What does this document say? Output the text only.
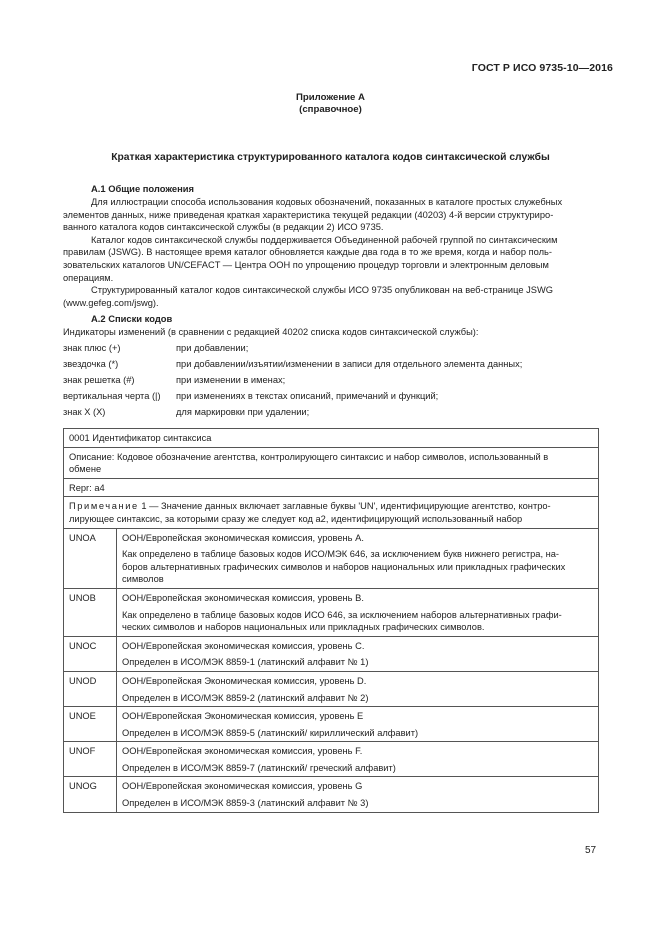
ГОСТ Р ИСО 9735-10—2016
Приложение А
(справочное)
Краткая характеристика структурированного каталога кодов синтаксической службы
А.1 Общие положения

Для иллюстрации способа использования кодовых обозначений, показанных в каталоге простых служебных
элементов данных, ниже приведеная краткая характеристика текущей редакции (40203) 4-й версии структуриро-
ванного каталога кодов синтаксической службы (в редакции 2) ИСО 9735.

Каталог кодов синтаксической службы поддерживается Объединенной рабочей группой по синтаксическим
правилам (JSWG). В настоящее время каталог обновляется каждые два года в то же время, когда и набор поль-
зовательских каталогов UN/CEFACT — Центра ООН по упрощению процедур торговли и электронным деловым
операциям.

Структурированный каталог кодов синтаксической службы ИСО 9735 опубликован на веб-странице JSWG
(www.gefeg.com/jswg).

А.2 Списки кодов
Индикаторы изменений (в сравнении с редакцией 40202 списка кодов синтаксической службы):
знак плюс (+)	при добавлении;
звездочка (*)	при добавлении/изъятии/изменении в записи для отдельного элемента данных;
знак решетка (#)	при изменении в именах;
вертикальная черта (|) при изменениях в текстах описаний, примечаний и функций;
знак Х (X)	для маркировки при удалении;
0001 Идентификатор синтаксиса	

Описание: Кодовое обозначение агентства, контролирующего синтаксис и набор символов, использованный в
обмене	

Repr: a4	

Примечание 1 — Значение данных включает заглавные буквы 'UN', идентифицирующие агентство, контро-
лирующее синтаксис, за которыми сразу же следует код а2, идентифицирующий использованный набор	

UNOA	ООН/Европейская экономическая комиссия, уровень А.
Как определено в таблице базовых кодов ИСО/МЭК 646, за исключением букв нижнего регистра, на-
боров альтернативных графических символов и наборов национальных или прикладных графических
символов

UNOB	ООН/Европейская экономическая комиссия, уровень В.
Как определено в таблице базовых кодов ИСО 646, за исключением наборов альтернативных графи-
ческих символов и наборов национальных или прикладных графических символов.

UNOC	ООН/Европейская экономическая комиссия, уровень С.
Определен в ИСО/МЭК 8859-1 (латинский алфавит № 1)

UNOD	ООН/Европейская Экономическая комиссия, уровень D.
Определен в ИСО/МЭК 8859-2 (латинский алфавит № 2)

UNOE	ООН/Европейская Экономическая комиссия, уровень Е
Определен в ИСО/МЭК 8859-5 (латинский/ кириллический алфавит)

UNOF	ООН/Европейская экономическая комиссия, уровень F.
Определен в ИСО/МЭК 8859-7 (латинский/ греческий алфавит)

UNOG	ООН/Европейская экономическая комиссия, уровень G
Определен в ИСО/МЭК 8859-3 (латинский алфавит № 3)
57
